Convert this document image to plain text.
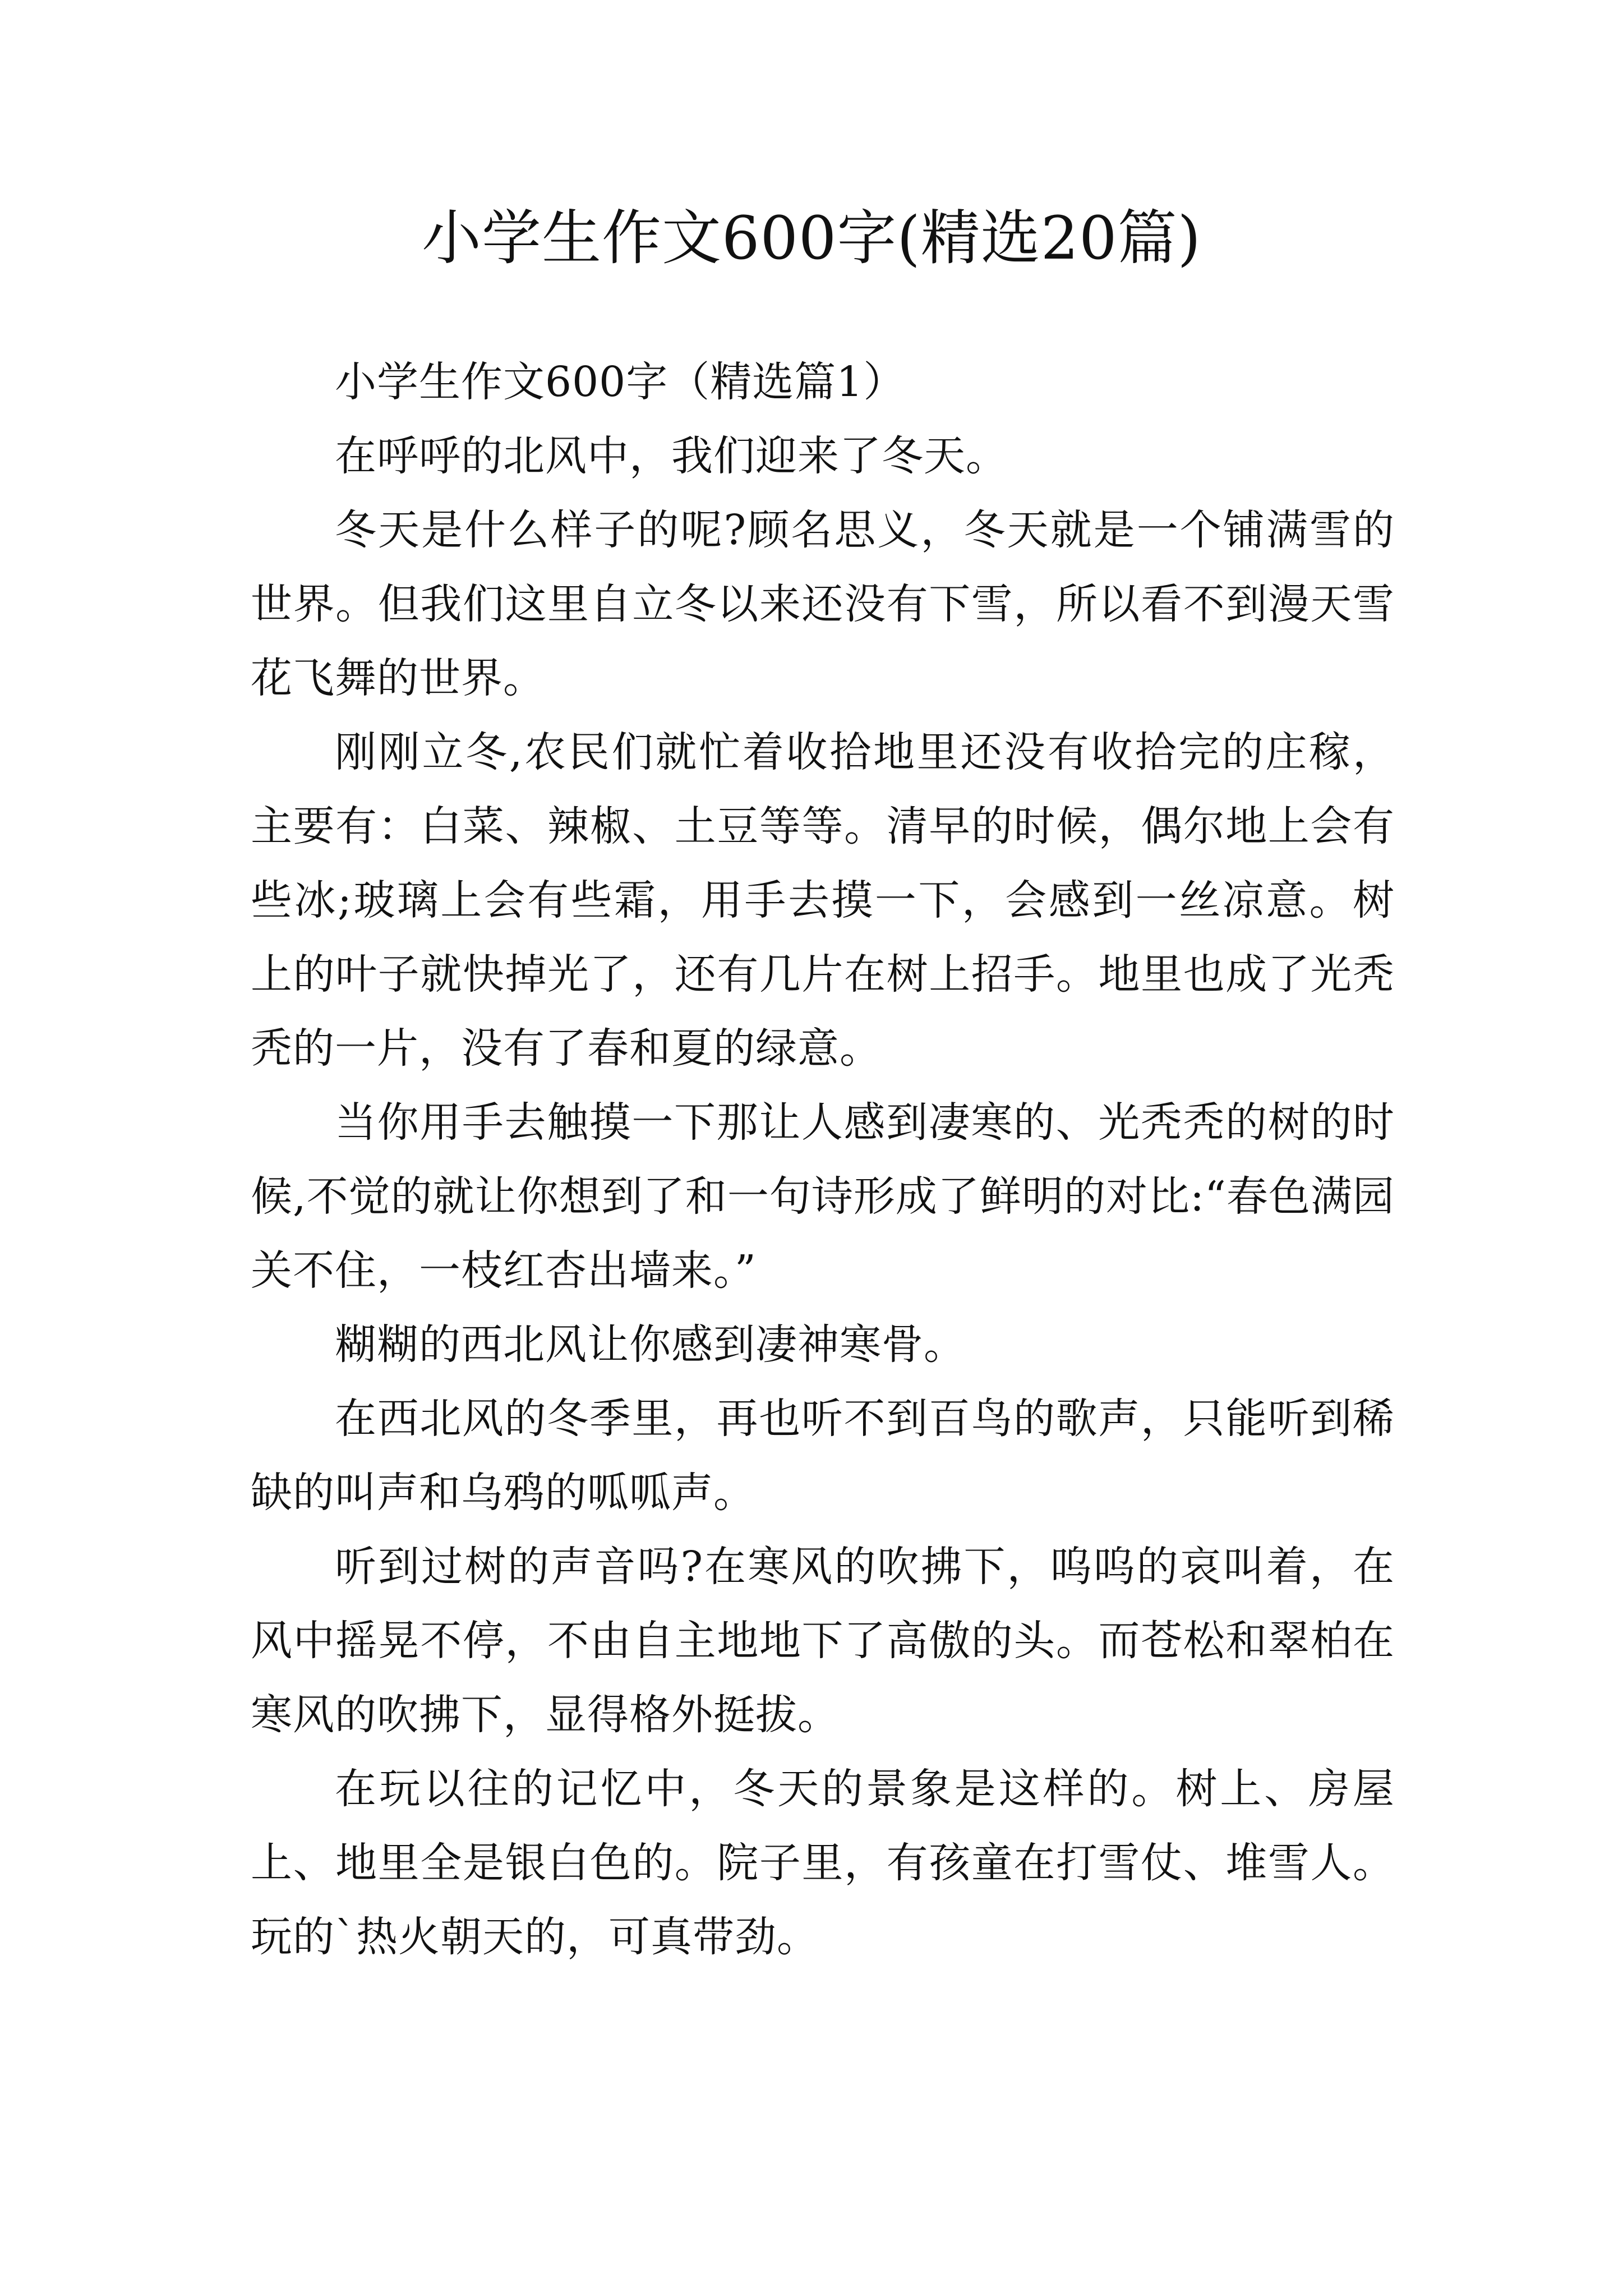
小学生作文600字(精选20篇)

小学生作文600字（精选篇1）

在呼呼的北风中，我们迎来了冬天。

冬天是什么样子的呢?顾名思义，冬天就是一个铺满雪的世界。但我们这里自立冬以来还没有下雪，所以看不到漫天雪花飞舞的世界。

刚刚立冬,农民们就忙着收拾地里还没有收拾完的庄稼，主要有：白菜、辣椒、土豆等等。清早的时候，偶尔地上会有些冰;玻璃上会有些霜，用手去摸一下，会感到一丝凉意。树上的叶子就快掉光了，还有几片在树上招手。地里也成了光秃秃的一片，没有了春和夏的绿意。

当你用手去触摸一下那让人感到凄寒的、光秃秃的树的时候,不觉的就让你想到了和一句诗形成了鲜明的对比:“春色满园关不住，一枝红杏出墙来。”

糊糊的西北风让你感到凄神寒骨。

在西北风的冬季里，再也听不到百鸟的歌声，只能听到稀缺的叫声和乌鸦的呱呱声。

听到过树的声音吗?在寒风的吹拂下，呜呜的哀叫着，在风中摇晃不停，不由自主地地下了高傲的头。而苍松和翠柏在寒风的吹拂下，显得格外挺拔。

在玩以往的记忆中，冬天的景象是这样的。树上、房屋上、地里全是银白色的。院子里，有孩童在打雪仗、堆雪人。玩的`热火朝天的，可真带劲。
